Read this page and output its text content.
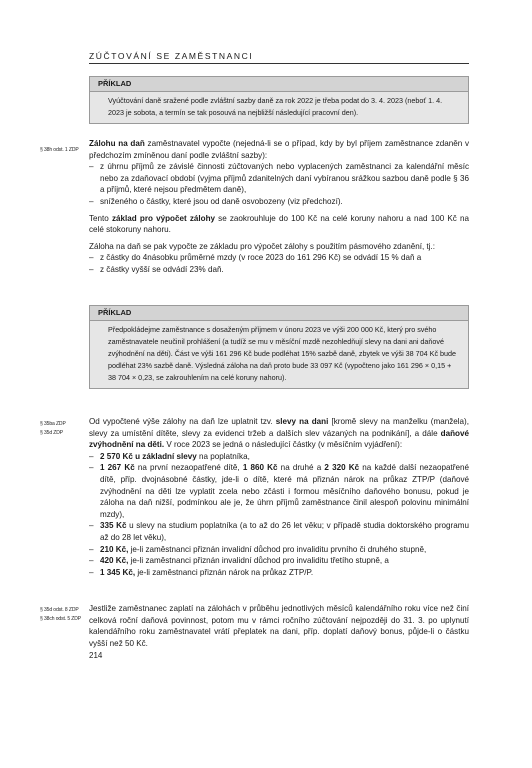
ZÚČTOVÁNÍ SE ZAMĚSTNANCI
PŘÍKLAD

Vyúčtování daně sražené podle zvláštní sazby daně za rok 2022 je třeba podat do 3. 4. 2023 (neboť 1. 4. 2023 je sobota, a termín se tak posouvá na nejbližší následující pracovní den).

§ 38h odst. 1 ZDP

Zálohu na daň zaměstnavatel vypočte (nejedná-li se o případ, kdy by byl příjem zaměstnance zdaněn v předchozím zmíněnou daní podle zvláštní sazby):

– z úhrnu příjmů ze závislé činnosti zúčtovaných nebo vyplacených zaměstnanci za kalendářní měsíc nebo za zdaňovací období (vyjma příjmů zdanitelných daní vybíranou srážkou sazbou daně podle § 36 a příjmů, které nejsou předmětem daně),
– sníženého o částky, které jsou od daně osvobozeny (viz předchozí).

Tento základ pro výpočet zálohy se zaokrouhluje do 100 Kč na celé koruny nahoru a nad 100 Kč na celé stokoruny nahoru.

Záloha na daň se pak vypočte ze základu pro výpočet zálohy s použitím pásmového zdanění, tj.:

– z částky do 4násobku průměrné mzdy (v roce 2023 do 161 296 Kč) se odvádí 15 % daň a
– z částky vyšší se odvádí 23% daň.
PŘÍKLAD

Předpokládejme zaměstnance s dosaženým příjmem v únoru 2023 ve výši 200 000 Kč, který pro svého zaměstnavatele neučinil prohlášení (a tudíž se mu v měsíční mzdě nezohledňují slevy na dani ani daňové zvýhodnění na děti). Část ve výši 161 296 Kč bude podléhat 15% sazbě daně, zbytek ve výši 38 704 Kč bude podléhat 23% sazbě daně. Výsledná záloha na daň proto bude 33 097 Kč (vypočteno jako 161 296 × 0,15 + 38 704 × 0,23, se zakrouhlením na celé koruny nahoru).

§ 35ba ZDP
§ 35d ZDP

Od vypočtené výše zálohy na daň lze uplatnit tzv. slevy na dani [kromě slevy na manželku (manžela), slevy za umístění dítěte, slevy za evidenci tržeb a dalších slev vázaných na podnikání], a dále daňové zvýhodnění na děti. V roce 2023 se jedná o následující částky (v měsíčním vyjádření):

– 2 570 Kč u základní slevy na poplatníka,
– 1 267 Kč na první nezaopatřené dítě, 1 860 Kč na druhé a 2 320 Kč na každé další nezaopatřené dítě, příp. dvojnásobné částky, jde-li o dítě, které má přiznán nárok na průkaz ZTP/P (daňové zvýhodnění na děti lze vyplatit zcela nebo zčásti i formou měsíčního daňového bonusu, pokud je záloha na daň nižší, podmínkou ale je, že úhrn příjmů zaměstnance činil alespoň polovinu minimální mzdy),
– 335 Kč u slevy na studium poplatníka (a to až do 26 let věku; v případě studia doktorského programu až do 28 let věku),
– 210 Kč, je-li zaměstnanci přiznán invalidní důchod pro invaliditu prvního či druhého stupně,
– 420 Kč, je-li zaměstnanci přiznán invalidní důchod pro invaliditu třetího stupně, a
– 1 345 Kč, je-li zaměstnanci přiznán nárok na průkaz ZTP/P.
§ 35d odst. 8 ZDP
§ 38ch odst. 5 ZDP

Jestliže zaměstnanec zaplatí na zálohách v průběhu jednotlivých měsíců kalendářního roku více než činí celková roční daňová povinnost, potom mu v rámci ročního zúčtování nejpozději do 31. 3. po uplynutí kalendářního roku zaměstnavatel vrátí přeplatek na dani, příp. doplatí daňový bonus, půjde-li o částku vyšší než 50 Kč.

214
